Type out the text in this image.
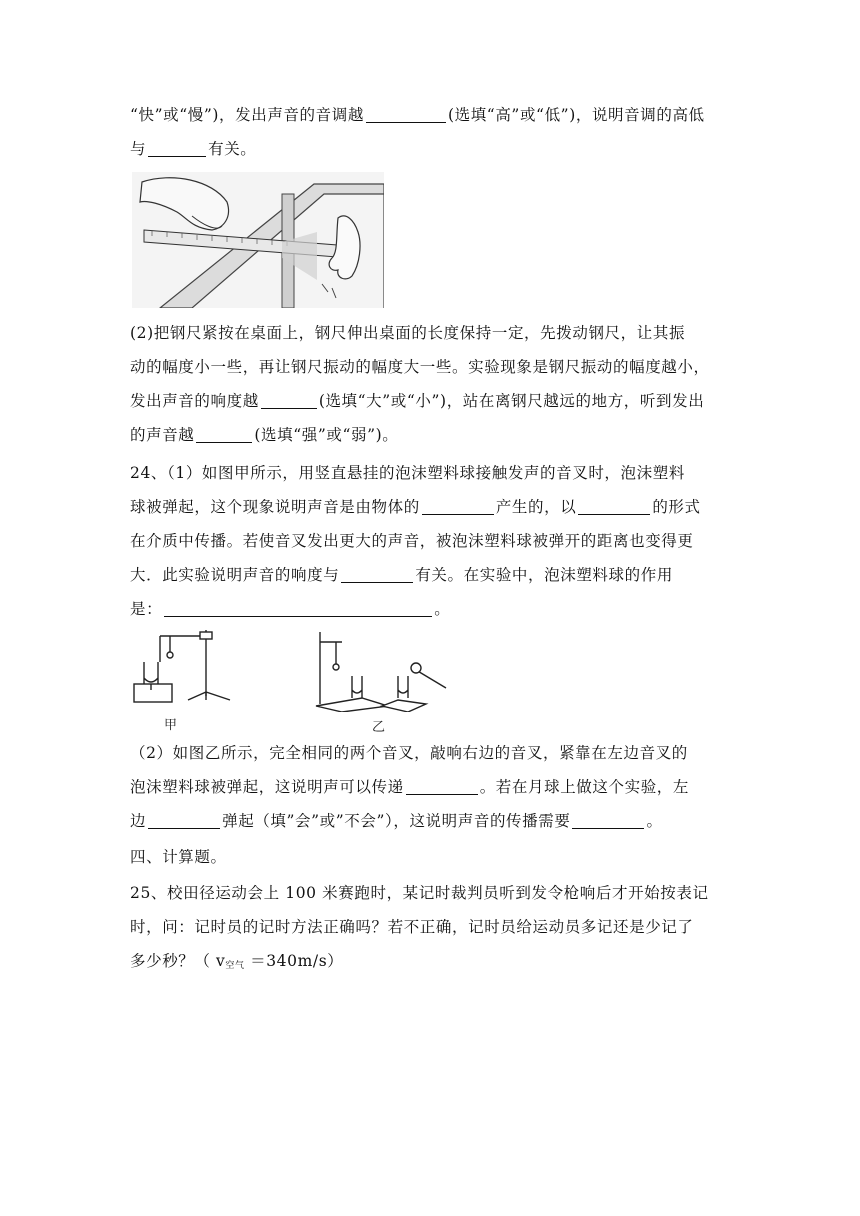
“快”或“慢”)，发出声音的音调越	(选填“高”或“低”)，说明音调的高低
与	有关。
(2)把钢尺紧按在桌面上，钢尺伸出桌面的长度保持一定，先拨动钢尺，让其振
动的幅度小一些，再让钢尺振动的幅度大一些。实验现象是钢尺振动的幅度越小，
发出声音的响度越	(选填“大”或“小”)，站在离钢尺越远的地方，听到发出
的声音越	(选填“强”或“弱”)。
24、（1）如图甲所示，用竖直悬挂的泡沫塑料球接触发声的音叉时，泡沫塑料
球被弹起，这个现象说明声音是由物体的	产生的，以	的形式
在介质中传播。若使音叉发出更大的声音，被泡沫塑料球被弹开的距离也变得更
大．此实验说明声音的响度与	有关。在实验中，泡沫塑料球的作用
是：	。
甲	乙
（2）如图乙所示，完全相同的两个音叉，敲响右边的音叉，紧靠在左边音叉的
泡沫塑料球被弹起，这说明声可以传递	。若在月球上做这个实验，左
边	弹起（填”会”或”不会”），这说明声音的传播需要	。
四、计算题。
25、校田径运动会上 100 米赛跑时，某记时裁判员听到发令枪响后才开始按表记
时，问：记时员的记时方法正确吗？若不正确，记时员给运动员多记还是少记了
多少秒？（ $v_{空气} =340m/s$）
